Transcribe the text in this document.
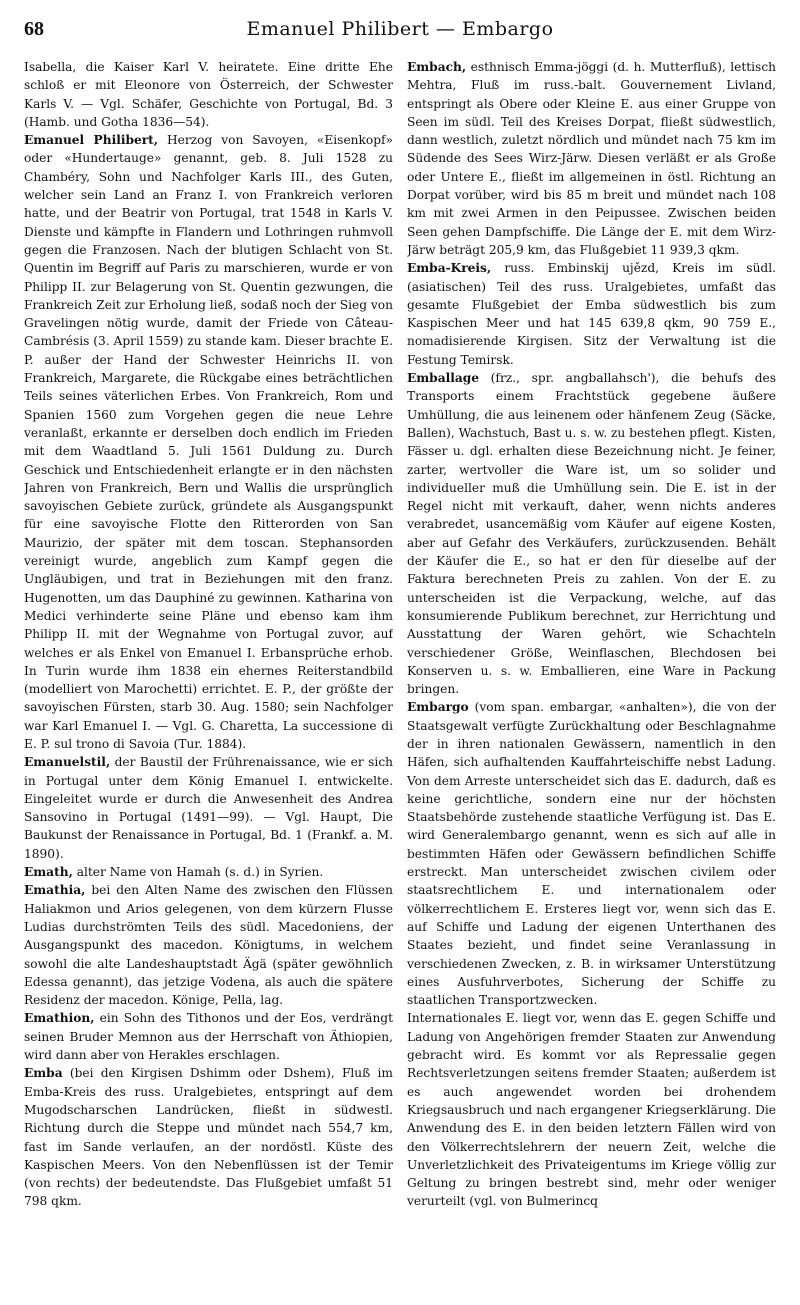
68	Emanuel Philibert — Embargo

Isabella, die Kaiser Karl V. heiratete. Eine dritte Ehe schloß er mit Eleonore von Österreich, der Schwester Karls V. — Vgl. Schäfer, Geschichte von Portugal, Bd. 3 (Hamb. und Gotha 1836—54).

Emanuel Philibert, Herzog von Savoyen, «Eisenkopf» oder «Hundertauge» genannt, geb. 8. Juli 1528 zu Chambéry, Sohn und Nachfolger Karls III., des Guten, welcher sein Land an Franz I. von Frankreich verloren hatte, und der Beatrir von Portugal, trat 1548 in Karls V. Dienste und kämpfte in Flandern und Lothringen ruhmvoll gegen die Franzosen. Nach der blutigen Schlacht von St. Quentin im Begriff auf Paris zu marschieren, wurde er von Philipp II. zur Belagerung von St. Quentin gezwungen, die Frankreich Zeit zur Erholung ließ, sodaß noch der Sieg von Gravelingen nötig wurde, damit der Friede von Câteau-Cambrésis (3. April 1559) zu stande kam. Dieser brachte E. P. außer der Hand der Schwester Heinrichs II. von Frankreich, Margarete, die Rückgabe eines beträchtlichen Teils seines väterlichen Erbes. Von Frankreich, Rom und Spanien 1560 zum Vorgehen gegen die neue Lehre veranlaßt, erkannte er derselben doch endlich im Frieden mit dem Waadtland 5. Juli 1561 Duldung zu. Durch Geschick und Entschiedenheit erlangte er in den nächsten Jahren von Frankreich, Bern und Wallis die ursprünglich savoyischen Gebiete zurück, gründete als Ausgangspunkt für eine savoyische Flotte den Ritterorden von San Maurizio, der später mit dem toscan. Stephansorden vereinigt wurde, angeblich zum Kampf gegen die Ungläubigen, und trat in Beziehungen mit den franz. Hugenotten, um das Dauphiné zu gewinnen. Katharina von Medici verhinderte seine Pläne und ebenso kam ihm Philipp II. mit der Wegnahme von Portugal zuvor, auf welches er als Enkel von Emanuel I. Erbansprüche erhob. In Turin wurde ihm 1838 ein ehernes Reiterstandbild (modelliert von Marochetti) errichtet. E. P., der größte der savoyischen Fürsten, starb 30. Aug. 1580; sein Nachfolger war Karl Emanuel I. — Vgl. G. Charetta, La successione di E. P. sul trono di Savoia (Tur. 1884).

Emanuelstil, der Baustil der Frührenaissance, wie er sich in Portugal unter dem König Emanuel I. entwickelte. Eingeleitet wurde er durch die Anwesenheit des Andrea Sansovino in Portugal (1491—99). — Vgl. Haupt, Die Baukunst der Renaissance in Portugal, Bd. 1 (Frankf. a. M. 1890).

Emath, alter Name von Hamah (s. d.) in Syrien.

Emathia, bei den Alten Name des zwischen den Flüssen Haliakmon und Arios gelegenen, von dem kürzern Flusse Ludias durchströmten Teils des südl. Macedoniens, der Ausgangspunkt des macedon. Königtums, in welchem sowohl die alte Landeshauptstadt Ägä (später gewöhnlich Edessa genannt), das jetzige Vodena, als auch die spätere Residenz der macedon. Könige, Pella, lag.

Emathion, ein Sohn des Tithonos und der Eos, verdrängt seinen Bruder Memnon aus der Herrschaft von Äthiopien, wird dann aber von Herakles erschlagen.

Emba (bei den Kirgisen Dshimm oder Dshem), Fluß im Emba-Kreis des russ. Uralgebietes, entspringt auf dem Mugodscharschen Landrücken, fließt in südwestl. Richtung durch die Steppe und mündet nach 554,7 km, fast im Sande verlaufen, an der nordöstl. Küste des Kaspischen Meers. Von den Nebenflüssen ist der Temir (von rechts) der bedeutendste. Das Flußgebiet umfaßt 51 798 qkm.

Embach, esthnisch Emma-jöggi (d. h. Mutterfluß), lettisch Mehtra, Fluß im russ.-balt. Gouvernement Livland, entspringt als Obere oder Kleine E. aus einer Gruppe von Seen im südl. Teil des Kreises Dorpat, fließt südwestlich, dann westlich, zuletzt nördlich und mündet nach 75 km im Südende des Sees Wirz-Järw. Diesen verläßt er als Große oder Untere E., fließt im allgemeinen in östl. Richtung an Dorpat vorüber, wird bis 85 m breit und mündet nach 108 km mit zwei Armen in den Peipussee. Zwischen beiden Seen gehen Dampfschiffe. Die Länge der E. mit dem Wirz-Järw beträgt 205,9 km, das Flußgebiet 11 939,3 qkm.

Emba-Kreis, russ. Embinskij ujězd, Kreis im südl. (asiatischen) Teil des russ. Uralgebietes, umfaßt das gesamte Flußgebiet der Emba südwestlich bis zum Kaspischen Meer und hat 145 639,8 qkm, 90 759 E., nomadisierende Kirgisen. Sitz der Verwaltung ist die Festung Temirsk.

Emballage (frz., spr. angballahsch'), die behufs des Transports einem Frachtstück gegebene äußere Umhüllung, die aus leinenem oder hänfenem Zeug (Säcke, Ballen), Wachstuch, Bast u. s. w. zu bestehen pflegt. Kisten, Fässer u. dgl. erhalten diese Bezeichnung nicht. Je feiner, zarter, wertvoller die Ware ist, um so solider und individueller muß die Umhüllung sein. Die E. ist in der Regel nicht mit verkauft, daher, wenn nichts anderes verabredet, usancemäßig vom Käufer auf eigene Kosten, aber auf Gefahr des Verkäufers, zurückzusenden. Behält der Käufer die E., so hat er den für dieselbe auf der Faktura berechneten Preis zu zahlen. Von der E. zu unterscheiden ist die Verpackung, welche, auf das konsumierende Publikum berechnet, zur Herrichtung und Ausstattung der Waren gehört, wie Schachteln verschiedener Größe, Weinflaschen, Blechdosen bei Konserven u. s. w. Emballieren, eine Ware in Packung bringen.

Embargo (vom span. embargar, «anhalten»), die von der Staatsgewalt verfügte Zurückhaltung oder Beschlagnahme der in ihren nationalen Gewässern, namentlich in den Häfen, sich aufhaltenden Kauffahrteischiffe nebst Ladung. Von dem Arreste unterscheidet sich das E. dadurch, daß es keine gerichtliche, sondern eine nur der höchsten Staatsbehörde zustehende staatliche Verfügung ist. Das E. wird Generalembargo genannt, wenn es sich auf alle in bestimmten Häfen oder Gewässern befindlichen Schiffe erstreckt. Man unterscheidet zwischen civilem oder staatsrechtlichem E. und internationalem oder völkerrechtlichem E. Ersteres liegt vor, wenn sich das E. auf Schiffe und Ladung der eigenen Unterthanen des Staates bezieht, und findet seine Veranlassung in verschiedenen Zwecken, z. B. in wirksamer Unterstützung eines Ausfuhrverbotes, Sicherung der Schiffe zu staatlichen Transportzwecken.

Internationales E. liegt vor, wenn das E. gegen Schiffe und Ladung von Angehörigen fremder Staaten zur Anwendung gebracht wird. Es kommt vor als Repressalie gegen Rechtsverletzungen seitens fremder Staaten; außerdem ist es auch angewendet worden bei drohendem Kriegsausbruch und nach ergangener Kriegserklärung. Die Anwendung des E. in den beiden letztern Fällen wird von den Völkerrechtslehrern der neuern Zeit, welche die Unverletzlichkeit des Privateigentums im Kriege völlig zur Geltung zu bringen bestrebt sind, mehr oder weniger verurteilt (vgl. von Bulmerincq
